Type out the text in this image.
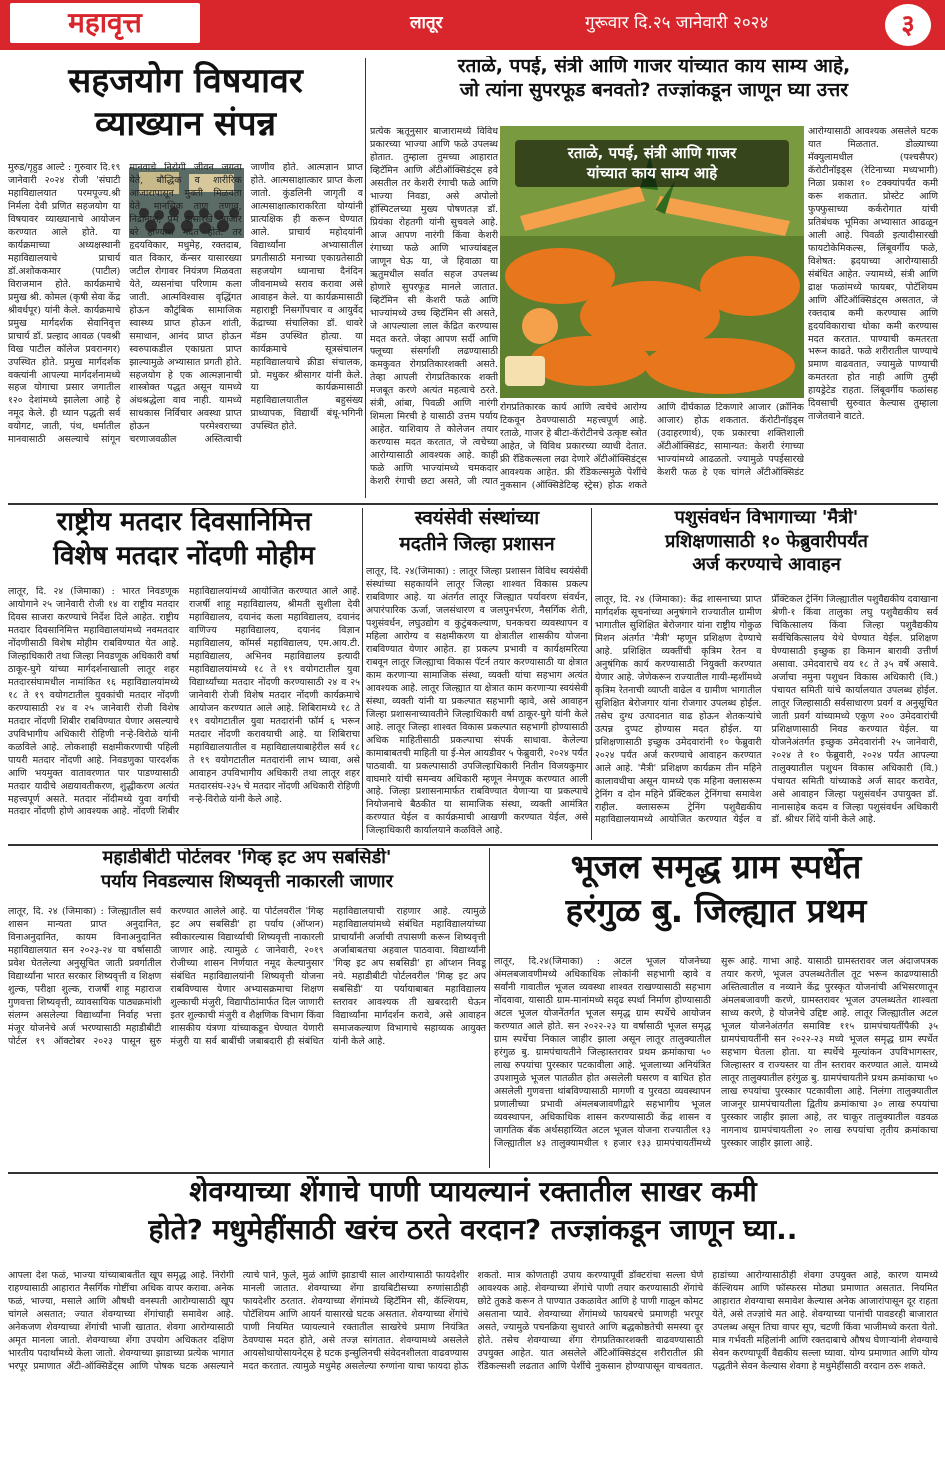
महावृत्त	लातूर	गुरूवार दि.२५ जानेवारी २०२४	३
सहजयोग विषयावर
व्याख्यान संपन्न
मुरुड/गृहुड आल्टे : गुरुवार दि.१९ जानेवारी २०२४ रोजी 'संघाटी महाविद्यालयात परमपूज्य.श्री निर्मला देवी प्रणित सहजयोग या विषयावर व्याख्यानाचे आयोजन करण्यात आले होते. या कार्यक्रमाच्या अध्यक्षस्थानी महाविद्यालयाचे प्राचार्य डॉ.अशोककमार (पाटील) विराजमान होते. कार्यक्रमाचे प्रमुख श्री. कोमल (कृषी सेवा केंद्र श्रीवर्धपूर) यांनी केले. कार्यक्रमाचे प्रमुख मार्गदर्शक सेवानिवृत्त प्राचार्य डॉ. प्रल्हाद आवळ (पवश्री विख पाटील कॉलेज प्रवरानगर) उपस्थित होते. प्रमुख मार्गदर्शक वक्त्यांनी आपल्या मार्गदर्शनामध्ये सहज योगाचा प्रसार जगातील १२० देशांमध्ये झालेला आहे हे नमूद केले. ही ध्यान पद्धती सर्व वयोगट, जाती, पंथ, धर्मातील मानवासाठी असल्याचे सांगून मानवाचे निरोगी जीवन जगता येते, बौद्धिक व शारीरिक आजारापासून मुक्ती मिळवता येते, मानसिक ताण तणाव, निद्रानाश, प्रम यासारखे आजार बरे होण्यास मदत होते. तर हृदयविकार, मधुमेह, रक्तदाब, वात विकार, कॅन्सर यासारख्या जटील रोगावर नियंत्रण मिळवता येते, व्यसनांचा परिणाम कला जाती. आत्मविश्वास वृद्धिंगत होऊन कौटुंबिक सामाजिक स्वास्थ्य प्राप्त होऊन शांती, समाधान, आनंद प्राप्त होऊन स्वरुपाकडील एकाग्रता प्राप्त झाल्यामुळे अभ्यासात प्रगती होते. सहजयोग हे एक आत्मज्ञानाची शास्त्रोक्त पद्धत असून यामध्ये अंधश्रद्धेला वाव नाही. यामध्ये साधकास निर्विचार अवस्था प्राप्त होऊन परमेश्वराच्या चरणाजवळील अस्तित्वाची जाणीव होते. आत्मज्ञान प्राप्त होते. आत्मसाक्षात्कार प्राप्त केला जातो. कुंडलिनी जागृती व आत्मसाक्षात्काराकरिता योग्यांनी प्रात्यक्षिक ही करून घेण्यात आले. प्राचार्य महोदयांनी विद्यार्थ्यांना अभ्यासातील प्रगतीसाठी मनाच्या एकाग्रतेसाठी सहजयोग ध्यानाचा दैनंदिन जीवनामध्ये सराव करावा असे आवाहन केले. या कार्यक्रमासाठी महाराष्ट्री निसर्गोपचार व आयुर्वेद केंद्राच्या संचालिका डॉ. धावरे मॅडम उपस्थित होत्या. या कार्यक्रमाचे सूत्रसंचालन महाविद्यालयाचे क्रीडा संचालक, प्रो. मधुकर श्रीसागर यांनी केले. या कार्यक्रमासाठी महाविद्यालयातील बहुसंख्य प्राध्यापक, विद्यार्थी बंधू-भगिनी उपस्थित होते.
रताळे, पपई, संत्री आणि गाजर यांच्यात काय साम्य आहे,
जो त्यांना सुपरफूड बनवतो? तज्ज्ञांकडून जाणून घ्या उत्तर
प्रत्येक ऋतूनुसार बाजारामध्ये विविध प्रकारच्या भाज्या आणि फळे उपलब्ध होतात. तुम्हाला तुमच्या आहारात व्हिटॅमिन आणि अँटीऑक्सिडंट्स हवे असतील तर केशरी रंगाची फळे आणि भाज्या निवडा, असे अपोलो हॉस्पिटलच्या मुख्य पोषणतज्ञ डॉ. प्रियंका रोहतगी यांनी सुचवले आहे. आज आपण नारंगी किंवा केशरी रंगाच्या फळे आणि भाज्यांबद्दल जाणून घेऊ या, जे हिवाळा या ऋतुमधील सर्वात सहज उपलब्ध होणारे सुपरफूड मानले जातात. व्हिटॅमिन सी केशरी फळे आणि भाज्यांमध्ये उच्च व्हिटॅमिन सी असते, जे आपल्याला लाल केंद्रित करण्यास मदत करते. जेव्हा आपण सर्दी आणि फ्लूच्या संसर्गाशी लढण्यासाठी कमकुवत रोगप्रतिकारशक्ती असते. तेव्हा आपली रोगप्रतिकारक शक्ती मजबूत करणे अत्यंत महत्वाचे ठरते. संत्री, आंबा, पिवळी आणि नारंगी शिमला मिरची हे यासाठी उत्तम पर्याय आहेत. याशिवाय ते कोलेजन तयार करण्यास मदत करतात, जे त्वचेच्या आरोग्यासाठी आवश्यक आहे. काही फळे आणि भाज्यांमध्ये चमकदार केशरी रंगाची छटा असते, जी त्यात
रताळे, पपई, संत्री आणि गाजर
यांच्यात काय साम्य आहे
रोगप्रतिकारक कार्य आणि त्वचेचे आरोग्य टिकवून ठेवण्यासाठी महत्त्वपूर्ण आहे. रताळे, गाजर हे बीटा-कॅरोटीनचे उत्कृष्ट स्त्रोत आहेत, जे विविध प्रकारच्या व्याधी देतात. फ्री रॅडिकल्सला लढा देणारे अँटीऑक्सिडंट्स आवश्यक आहेत. फ्री रॅडिकल्समुळे पेशींचे नुकसान (ऑक्सिडेटिव्ह स्ट्रेस) होऊ शकते आणि दीर्घकाळ टिकणारे आजार (क्रॉनिक आजार) होऊ शकतात. कॅरोटीनॉइड्स (उदाहरणार्थ), एक प्रकारचा शक्तिशाली अँटीऑक्सिडंट, सामान्यत: केशरी रंगाच्या भाज्यांमध्ये आढळतो. ज्यामुळे पपईसारखे केशरी फळ हे एक चांगले अँटीऑक्सिडंट
आरोग्यासाठी आवश्यक असलेले घटक यात मिळतात. डोळ्याच्या मॅक्युलामधील (पश्चसैपर) कॅरोटीनॉइड्स (रेटिनाच्या मध्यभागी) निळा प्रकाश १० टक्क्यांपर्यंत कमी करू शकतात. प्रोस्टेट आणि फुफ्फुसाच्या कर्करोगात यांची प्रतिबंधक भूमिका अभ्यासात आढळून आली आहे. पिवळी इत्यादीसारखी फायटोकेमिकल्स, लिंबूवर्गीय फळे, विशेषत: ह्रदयाच्या आरोग्यासाठी संबंधित आहेत. ज्यामध्ये, संत्री आणि द्राक्ष फळांमध्ये फायबर, पोटॅशियम आणि अँटिऑक्सिडंट्स असतात, जे रक्तदाब कमी करण्यास आणि हृदयविकाराचा धोका कमी करण्यास मदत करतात. पाण्याची कमतरता भरून काढते. फळे शरीरातील पाण्याचे प्रमाण वाढवतात, ज्यामुळे पाण्याची कमतरता होत नाही आणि तुम्ही हायड्रेटेड राहता. लिंबूवर्गीय फळांसह दिवसाची सुरुवात केल्यास तुम्हाला ताजेतवाने वाटते.
राष्ट्रीय मतदार दिवसानिमित्त
विशेष मतदार नोंदणी मोहीम
लातूर, दि. २४ (जिमाका) : भारत निवडणूक आयोगाने २५ जानेवारी रोजी १४ वा राष्ट्रीय मतदार दिवस साजरा करण्याचे निर्देश दिले आहेत. राष्ट्रीय मतदार दिवसानिमित्त महाविद्यालयांमध्ये नवमतदार नोंदणीसाठी विशेष मोहीम राबविण्यात येत आहे. जिल्हाधिकारी तथा जिल्हा निवडणूक अधिकारी वर्षा ठाकूर-घुगे यांच्या मार्गदर्शनाखाली लातूर शहर मतदारसंघामधील नामांकित १६ महाविद्यालयांमध्ये १८ ते १९ वयोगटातील युवकांची मतदार नोंदणी करण्यासाठी २४ व २५ जानेवारी रोजी विशेष मतदार नोंदणी शिबीर राबविण्यात येणार असल्याचे उपविभागीय अधिकारी रोहिणी नऱ्हे-विरोळे यांनी कळविले आहे. लोकशाही सक्षमीकरणाची पहिली पायरी मतदार नोंदणी आहे. निवडणुका पारदर्शक आणि भयमुक्त वातावरणात पार पाडण्यासाठी मतदार यादीचे अद्ययावतीकरण, शुद्धीकरण अत्यंत महत्त्वपूर्ण असते. मतदार नोंदीमध्ये युवा वर्गाची मतदार नोंदणी होणे आवश्यक आहे. नोंदणी शिबीर महाविद्यालयांमध्ये आयोजित करण्यात आले आहे. राजर्षी शाहू महाविद्यालय, श्रीमती सुशीला देवी महाविद्यालय, दयानंद कला महाविद्यालय, दयानंद वाणिज्य महाविद्यालय, दयानंद विज्ञान महाविद्यालय, कॉमर्स महाविद्यालय, एम.आय.टी. महाविद्यालय, अभिनव महाविद्यालय इत्यादी महाविद्यालयांमध्ये १८ ते १९ वयोगटातील युवा विद्यार्थ्यांच्या मतदार नोंदणी करण्यासाठी २४ व २५ जानेवारी रोजी विशेष मतदार नोंदणी कार्यक्रमाचे आयोजन करण्यात आले आहे. शिबिरामध्ये १८ ते १९ वयोगटातील युवा मतदारांनी फॉर्म ६ भरून मतदार नोंदणी करावयाची आहे. या शिबिराचा महाविद्यालयातील व महाविद्यालयाबाहेरील सर्व १८ ते १९ वयोगटातील मतदारांनी लाभ घ्यावा, असे आवाहन उपविभागीय अधिकारी तथा लातूर शहर मतदारसंघ-२३५ चे मतदार नोंदणी अधिकारी रोहिणी नऱ्हे-विरोळे यांनी केले आहे.
स्वयंसेवी संस्थांच्या
मदतीने जिल्हा प्रशासन
लातूर, दि. २४(जिमाका) : लातूर जिल्हा प्रशासन विविध स्वयंसेवी संस्थांच्या सहकार्याने लातूर जिल्हा शाश्वत विकास प्रकल्प राबविणार आहे. या अंतर्गत लातूर जिल्ह्यात पर्यावरण संवर्धन, अपारंपारिक ऊर्जा, जलसंधारण व जलपुनर्भरण, नैसर्गिक शेती, पशुसंवर्धन, लघुउद्योग व कुटुंबकल्याण, घनकचरा व्यवस्थापन व महिला आरोग्य व सक्षमीकरण या क्षेत्रातील शासकीय योजना राबविण्यात येणार आहेत. हा प्रकल्प प्रभावी व कार्यक्षमरित्या राबवून लातूर जिल्ह्याचा विकास पॅटर्न तयार करण्यासाठी या क्षेत्रात काम करणाऱ्या सामाजिक संस्था, व्यक्ती यांचा सहभाग अत्यंत आवश्यक आहे. लातूर जिल्ह्यात या क्षेत्रात काम करणाऱ्या स्वयंसेवी संस्था, व्यक्ती यांनी या प्रकल्पात सहभागी व्हावे, असे आवाहन जिल्हा प्रशासनाच्यावतीने जिल्हाधिकारी वर्षा ठाकूर-घुगे यांनी केले आहे. लातूर जिल्हा शाश्वत विकास प्रकल्पात सहभागी होण्यासाठी अधिक माहितीसाठी प्रकल्पाचा संपर्क साधावा. केलेल्या कामाबाबतची माहिती या ई-मेल आयडीवर ५ फेब्रुवारी, २०२४ पर्यंत पाठवावी. या प्रकल्पासाठी उपजिल्हाधिकारी नितीन विजयकुमार वाघमारे यांची समन्वय अधिकारी म्हणून नेमणूक करण्यात आली आहे. जिल्हा प्रशासनामार्फत राबविण्यात येणाऱ्या या प्रकल्पाचे नियोजनाचे बैठकीत या सामाजिक संस्था, व्यक्ती आमंत्रित करण्यात येईल व कार्यक्रमाची आखणी करण्यात येईल, असे जिल्हाधिकारी कार्यालयाने कळविले आहे.
पशुसंवर्धन विभागाच्या 'मैत्री'
प्रशिक्षणासाठी १० फेब्रुवारीपर्यंत
अर्ज करण्याचे आवाहन
लातूर, दि. २४ (जिमाका): केंद्र शासनाच्या प्राप्त मार्गदर्शक सूचनांच्या अनुषंगाने राज्यातील ग्रामीण भागातील सुशिक्षित बेरोजगार यांना राष्ट्रीय गोकुळ मिशन अंतर्गत 'मैत्री' म्हणून प्रशिक्षण देण्याचे आहे. प्रशिक्षित व्यक्तींची कृत्रिम रेतन व अनुषंगिक कार्य करण्यासाठी नियुक्ती करण्यात येणार आहे. जेणेकरून राज्यातील गायी-म्हशींमध्ये कृत्रिम रेतनाची व्याप्ती वाढेल व ग्रामीण भागातील सुशिक्षित बेरोजगार यांना रोजगार उपलब्ध होईल. तसेच दुग्ध उत्पादनात वाढ होऊन शेतकऱ्यांचे उत्पन्न दुप्पट होण्यास मदत होईल. या प्रशिक्षणासाठी इच्छुक उमेदवारांनी १० फेब्रुवारी २०२४ पर्यंत अर्ज करण्याचे आवाहन करण्यात आले आहे. 'मैत्री' प्रशिक्षण कार्यक्रम तीन महिने कालावधीचा असून यामध्ये एक महिना क्लासरूम ट्रेनिंग व दोन महिने प्रॅक्टिकल ट्रेनिंगचा समावेश राहील. क्लासरूम ट्रेनिंग पशुवैद्यकीय महाविद्यालयामध्ये आयोजित करण्यात येईल व प्रॅक्टिकल ट्रेनिंग जिल्ह्यातील पशुवैद्यकीय दवाखाना श्रेणी-१ किंवा तालुका लघु पशुवैद्यकीय सर्व चिकित्सालय किंवा जिल्हा पशुवैद्यकीय सर्वचिकित्सालय येथे घेण्यात येईल. प्रशिक्षण घेण्यासाठी इच्छुक हा किमान बारावी उत्तीर्ण असावा. उमेदवाराचे वय १८ ते ३५ वर्षे असावे. अर्जाचा नमुना पशुधन विकास अधिकारी (वि.) पंचायत समिती यांचे कार्यालयात उपलब्ध होईल. लातूर जिल्हासाठी सर्वसाधारण प्रवर्ग व अनुसूचित जाती प्रवर्ग यांच्यामध्ये एकूण २०० उमेदवारांची प्रशिक्षणासाठी निवड करण्यात येईल. या योजनेअंतर्गत इच्छुक उमेदवारांनी २५ जानेवारी, २०२४ ते १० फेब्रुवारी, २०२४ पर्यंत आपल्या तालुक्यातील पशुधन विकास अधिकारी (वि.) पंचायत समिती यांच्याकडे अर्ज सादर करावेत, असे आवाहन जिल्हा पशुसंवर्धन उपायुक्त डॉ. नानासाहेब कदम व जिल्हा पशुसंवर्धन अधिकारी डॉ. श्रीधर शिंदे यांनी केले आहे.
महाडीबीटी पोर्टलवर 'गिव्ह इट अप सबसिडी'
पर्याय निवडल्यास शिष्यवृत्ती नाकारली जाणार
लातूर, दि. २४ (जिमाका) : जिल्ह्यातील सर्व शासन मान्यता प्राप्त अनुदानित, विनाअनुदानित, कायम विनाअनुदानित महाविद्यालयात सन २०२३-२४ या वर्षासाठी प्रवेश घेतलेल्या अनुसूचित जाती प्रवर्गातील विद्यार्थ्यांना भारत सरकार शिष्यवृत्ती व शिक्षण शुल्क, परीक्षा शुल्क, राजर्षी शाहू महाराज गुणवत्ता शिष्यवृत्ती, व्यावसायिक पाठ्यक्रमांशी संलग्न असलेल्या विद्यार्थ्यांना निर्वाह भत्ता मंजूर योजनेचे अर्ज भरण्यासाठी महाडीबीटी पोर्टल १९ ऑक्टोबर २०२३ पासून सुरु करण्यात आलेले आहे. या पोर्टलवरील 'गिव्ह इट अप सबसिडी' हा पर्याय (ऑप्शन) स्वीकारल्यास विद्यार्थ्याची शिष्यवृत्ती नाकारली जाणार आहे. त्यामुळे ८ जानेवारी, २०१९ रोजीच्या शासन निर्णयात नमूद केल्यानुसार संबंधित महाविद्यालयांनी शिष्यवृत्ती योजना राबविण्यास येणार अभ्यासक्रमाचा शिक्षण शुल्काची मंजुरी, विद्यापीठांमार्फत दिल जाणारी इतर शुल्काची मंजुरी व शैक्षणिक विभाग किंवा शासकीय यंत्रणा यांच्याकडून घेण्यात येणारी मंजुरी या सर्व बाबींची जबाबदारी ही संबंधित महाविद्यालयाची राहणार आहे. त्यामुळे महाविद्यालयांमध्ये संबंधित महाविद्यालयांच्या प्राचार्यांनी अर्जाची तपासणी करून शिष्यवृत्ती अर्जाबाबतचा अहवाल पाठवावा. विद्यार्थ्यांनी 'गिव्ह इट अप सबसिडी' हा ऑप्शन निवडू नये. महाडीबीटी पोर्टलवरील 'गिव्ह इट अप सबसिडी' या पर्यायाबाबत महाविद्यालय स्तरावर आवश्यक ती खबरदारी घेऊन विद्यार्थ्यांना मार्गदर्शन करावे, असे आवाहन समाजकल्याण विभागाचे सहाय्यक आयुक्त यांनी केले आहे.
भूजल समृद्ध ग्राम स्पर्धेत
हरंगुळ बु. जिल्ह्यात प्रथम
लातूर, दि.२४(जिमाका) : अटल भूजल योजनेच्या अंमलबजावणीमध्ये अधिकाधिक लोकांनी सहभागी व्हावे व सर्वांनी गावातील भूजल व्यवस्था शाश्वत राखण्यासाठी सहभाग नोंदवावा, यासाठी ग्राम-मानांमध्ये सदृढ स्पर्धा निर्माण होण्यासाठी अटल भूजल योजनेंतर्गत भूजल समृद्ध ग्राम स्पर्धेचे आयोजन करण्यात आले होते. सन २०२२-२३ या वर्षासाठी भूजल समृद्ध ग्राम स्पर्धेचा निकाल जाहीर झाला असून लातूर तालुक्यातील हरंगुळ बु. ग्रामपंचायतीने जिल्हास्तरावर प्रथम क्रमांकाचा ५० लाख रुपयांचा पुरस्कार पटकावीला आहे. भूजलाच्या अनियंत्रित उपशामुळे भूजल पातळीत होत असलेली घसरण व बाधित होत असलेली गुणवत्ता थांबविण्यासाठी मागणी व पुरवठा व्यवस्थापन प्रणालीच्या प्रभावी अंमलबजावणीद्वारे सहभागीय भूजल व्यवस्थापन, अधिकाधिक शासन करण्यासाठी केंद्र शासन व जागतिक बँक अर्थसहाय्यित अटल भूजल योजना राज्यातील १३ जिल्ह्यातील ४३ तालुक्यामधील १ हजार १३३ ग्रामपंचायतींमध्ये सुरू आहे. गाभा आहे. यासाठी ग्रामस्तरावर जल अंदाजपत्रक तयार करणे, भूजल उपलब्धतेतील तूट भरून काढण्यासाठी अस्तित्वातील व नव्याने केंद्र पुरस्कृत योजनांची अभिसरणातून अंमलबजावणी करणे, ग्रामस्तरावर भूजल उपलब्धतेत शाश्वता साध्य करणे, हे योजनेचे उद्दिष्ट आहे. लातूर जिल्ह्यातील अटल भूजल योजनेअंतर्गत समाविष्ट ११५ ग्रामपंचायतींपैकी ३५ ग्रामपंचायतींनी सन २०२२-२३ मध्ये भूजल समृद्ध ग्राम स्पर्धेत सहभाग घेतला होता. या स्पर्धेचे मूल्यांकन उपविभागस्तर, जिल्हास्तर व राज्यस्तर या तीन स्तरावर करण्यात आले. यामध्ये लातूर तालुक्यातील हरंगुळ बु. ग्रामपंचायतीने प्रथम क्रमांकाचा ५० लाख रुपयांचा पुरस्कार पटकावीला आहे. निलंगा तालुक्यातील जाजनूर ग्रामपंचायतीला द्वितीय क्रमांकाचा ३० लाख रुपयांचा पुरस्कार जाहीर झाला आहे, तर चाकूर तालुक्यातील वडवळ नागनाथ ग्रामपंचायतीला २० लाख रुपयांचा तृतीय क्रमांकाचा पुरस्कार जाहीर झाला आहे.
शेवग्याच्या शेंगाचे पाणी प्यायल्यानं रक्तातील साखर कमी
होते? मधुमेहींसाठी खरंच ठरते वरदान? तज्ज्ञांकडून जाणून घ्या..
आपला देश फळं, भाज्या यांच्याबाबतीत खूप समृद्ध आहे. निरोगी राहण्यासाठी आहारात नैसर्गिक गोष्टींचा अधिक वापर करावा. अनेक फळं, भाज्या, मसाले आणि औषधी वनस्पती आरोग्यासाठी खूप चांगले असतात; ज्यात शेवग्याच्या शेंगांचाही समावेश आहे. अनेकजण शेवग्याच्या शेंगांची भाजी खातात. शेवगा आरोग्यासाठी अमृत मानला जातो. शेवग्याच्या शेंगा उपयोग अधिकतर दक्षिण भारतीय पदार्थांमध्ये केला जातो. शेवग्याच्या झाडाच्या प्रत्येक भागात भरपूर प्रमाणात अँटी-ऑक्सिडेंट्स आणि पोषक घटक असल्याने त्याचे पाने, फुले, मुळं आणि झाडाची साल आरोग्यासाठी फायदेशीर मानली जातात. शेवग्याच्या शेंगा डायबिटीसच्या रुग्णांसाठीही फायदेशीर ठरतात. शेवग्याच्या शेंगांमध्ये व्हिटॅमिन सी, कॅल्शियम, पोटॅशियम आणि आयर्न यासारखे घटक असतात. शेवग्याच्या शेंगांचे पाणी नियमित प्यायल्याने रक्तातील साखरेचे प्रमाण नियंत्रित ठेवण्यास मदत होते, असे तज्ज्ञ सांगतात. शेवग्यामध्ये असलेले आयसोथायोसायनेट्स हे घटक इन्सुलिनची संवेदनशीलता वाढवण्यास मदत करतात. त्यामुळे मधुमेह असलेल्या रुग्णांना याचा फायदा होऊ शकतो. मात्र कोणताही उपाय करण्यापूर्वी डॉक्टरांचा सल्ला घेणे आवश्यक आहे. शेवग्याच्या शेंगांचे पाणी तयार करण्यासाठी शेंगांचे छोटे तुकडे करून ते पाण्यात उकळावेत आणि हे पाणी गाळून कोमट असताना प्यावे. शेवग्याच्या शेंगांमध्ये फायबरचे प्रमाणही भरपूर असते, ज्यामुळे पचनक्रिया सुधारते आणि बद्धकोष्ठतेची समस्या दूर होते. तसेच शेवग्याच्या शेंगा रोगप्रतिकारशक्ती वाढवण्यासाठी उपयुक्त आहेत. यात असलेले अँटिऑक्सिडंट्स शरीरातील फ्री रॅडिकल्सशी लढतात आणि पेशींचे नुकसान होण्यापासून वाचवतात. हाडांच्या आरोग्यासाठीही शेवगा उपयुक्त आहे, कारण यामध्ये कॅल्शियम आणि फॉस्फरस मोठ्या प्रमाणात असतात. नियमित आहारात शेवग्याचा समावेश केल्यास अनेक आजारांपासून दूर राहता येते, असे तज्ज्ञांचे मत आहे. शेवग्याच्या पानांची पावडरही बाजारात उपलब्ध असून तिचा वापर सूप, चटणी किंवा भाजीमध्ये करता येतो. मात्र गर्भवती महिलांनी आणि रक्तदाबाचे औषध घेणाऱ्यांनी शेवग्याचे सेवन करण्यापूर्वी वैद्यकीय सल्ला घ्यावा. योग्य प्रमाणात आणि योग्य पद्धतीने सेवन केल्यास शेवगा हे मधुमेहींसाठी वरदान ठरू शकते.
